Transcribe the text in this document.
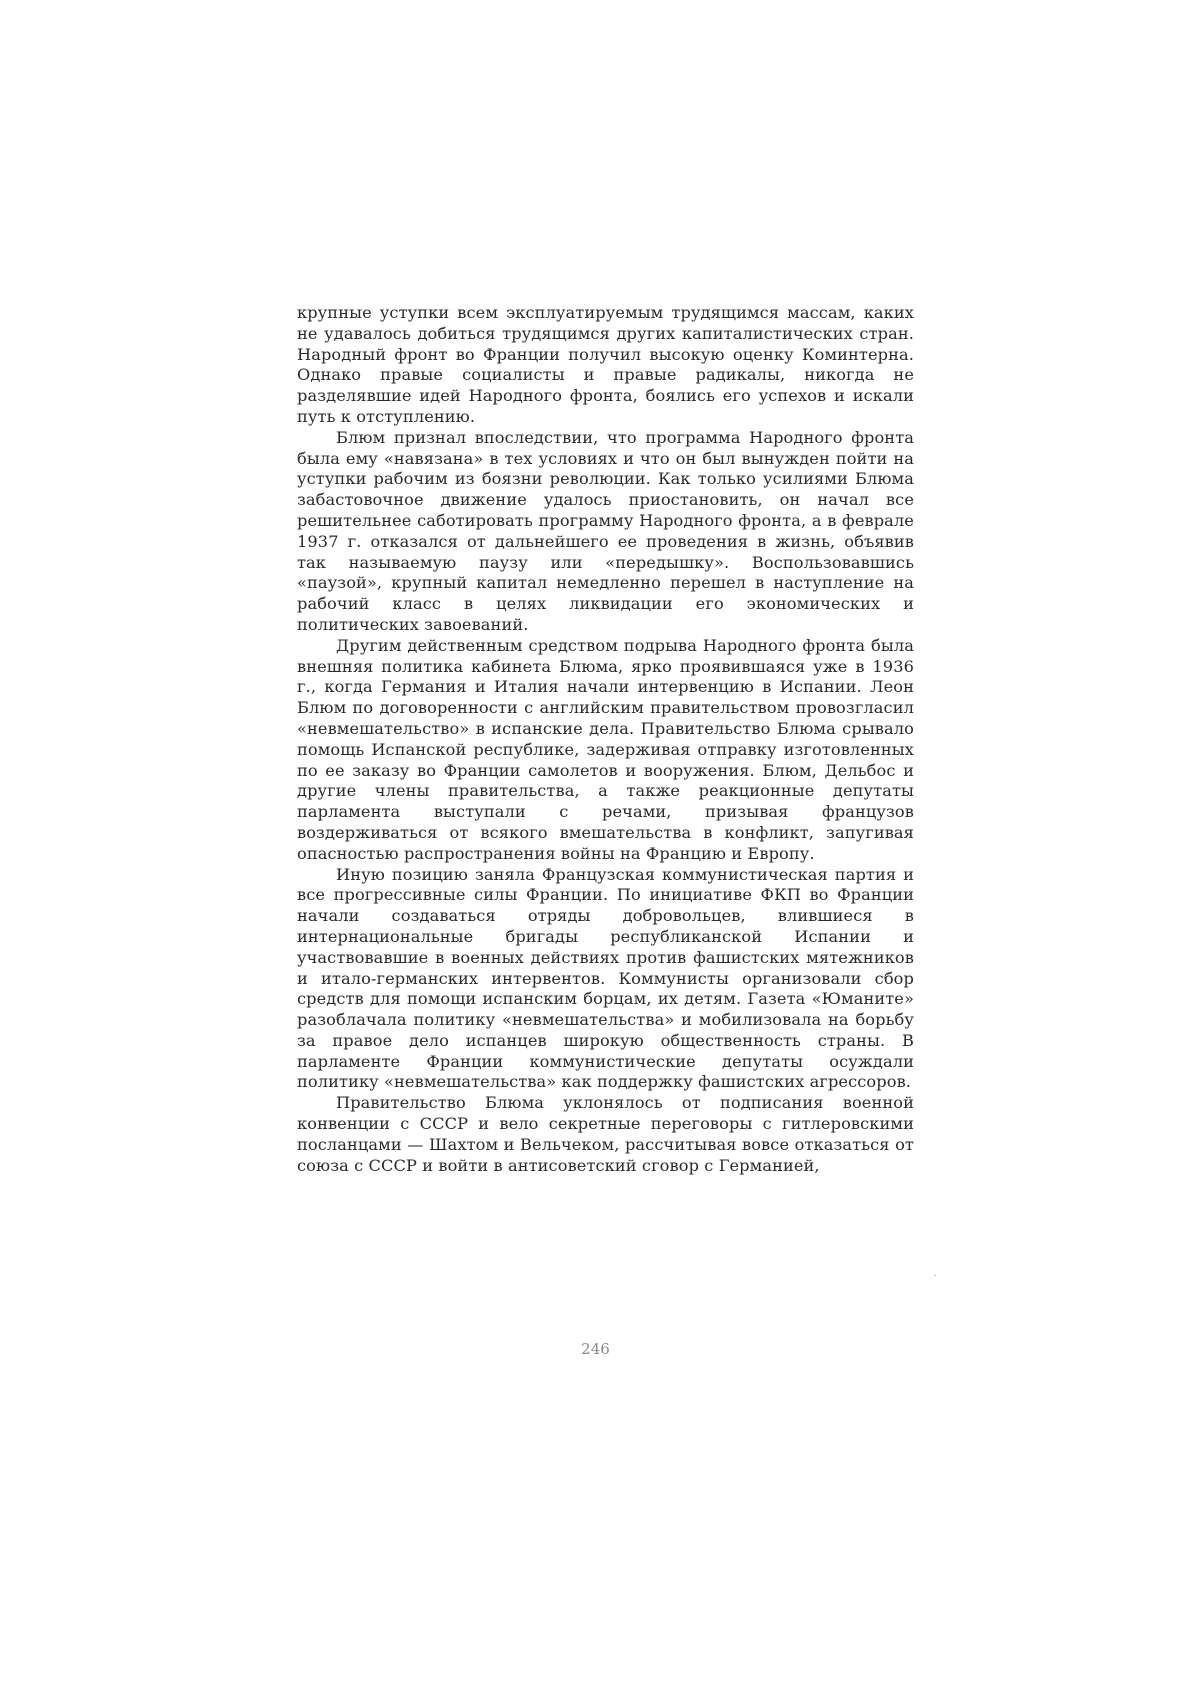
крупные уступки всем эксплуатируемым трудящимся массам, каких не удавалось добиться трудящимся других капиталистических стран. Народный фронт во Франции получил высокую оценку Коминтерна. Однако правые социалисты и правые радикалы, никогда не разделявшие идей Народного фронта, боялись его успехов и искали путь к отступлению.

Блюм признал впоследствии, что программа Народного фронта была ему «навязана» в тех условиях и что он был вынужден пойти на уступки рабочим из боязни революции. Как только усилиями Блюма забастовочное движение удалось приостановить, он начал все решительнее саботировать программу Народного фронта, а в феврале 1937 г. отказался от дальнейшего ее проведения в жизнь, объявив так называемую паузу или «передышку». Воспользовавшись «паузой», крупный капитал немедленно перешел в наступление на рабочий класс в целях ликвидации его экономических и политических завоеваний.

Другим действенным средством подрыва Народного фронта была внешняя политика кабинета Блюма, ярко проявившаяся уже в 1936 г., когда Германия и Италия начали интервенцию в Испании. Леон Блюм по договоренности с английским правительством провозгласил «невмешательство» в испанские дела. Правительство Блюма срывало помощь Испанской республике, задерживая отправку изготовленных по ее заказу во Франции самолетов и вооружения. Блюм, Дельбос и другие члены правительства, а также реакционные депутаты парламента выступали с речами, призывая французов воздерживаться от всякого вмешательства в конфликт, запугивая опасностью распространения войны на Францию и Европу.

Иную позицию заняла Французская коммунистическая партия и все прогрессивные силы Франции. По инициативе ФКП во Франции начали создаваться отряды добровольцев, влившиеся в интернациональные бригады республиканской Испании и участвовавшие в военных действиях против фашистских мятежников и итало-германских интервентов. Коммунисты организовали сбор средств для помощи испанским борцам, их детям. Газета «Юманите» разоблачала политику «невмешательства» и мобилизовала на борьбу за правое дело испанцев широкую общественность страны. В парламенте Франции коммунистические депутаты осуждали политику «невмешательства» как поддержку фашистских агрессоров.

Правительство Блюма уклонялось от подписания военной конвенции с СССР и вело секретные переговоры с гитлеровскими посланцами — Шахтом и Вельчеком, рассчитывая вовсе отказаться от союза с СССР и войти в антисоветский сговор с Германией,

246
